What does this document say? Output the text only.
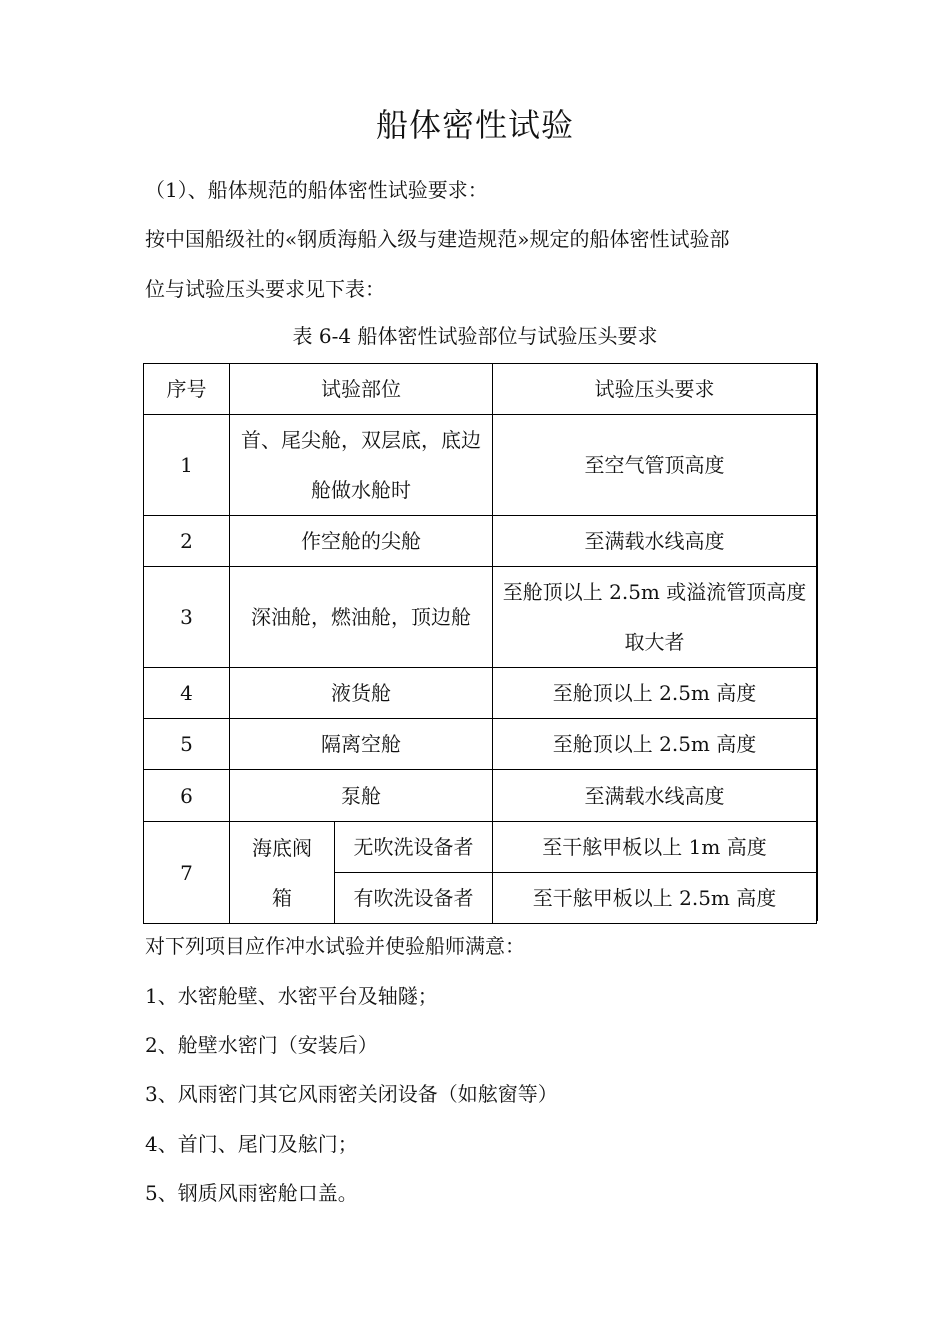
船体密性试验
（1）、船体规范的船体密性试验要求：
按中国船级社的«钢质海船入级与建造规范»规定的船体密性试验部
位与试验压头要求见下表：
表 6-4 船体密性试验部位与试验压头要求
序号	试验部位		试验压头要求
1	首、尾尖舱，双层底，底边舱做水舱时		至空气管顶高度
2	作空舱的尖舱		至满载水线高度
3	深油舱，燃油舱，顶边舱		至舱顶以上 2.5m 或溢流管顶高度取大者
4	液货舱		至舱顶以上 2.5m 高度
5	隔离空舱		至舱顶以上 2.5m 高度
6	泵舱		至满载水线高度
7	海底阀箱	无吹洗设备者	至干舷甲板以上 1m 高度
		有吹洗设备者	至干舷甲板以上 2.5m 高度
对下列项目应作冲水试验并使验船师满意：
1、水密舱壁、水密平台及轴隧；
2、舱壁水密门（安装后）
3、风雨密门其它风雨密关闭设备（如舷窗等）
4、首门、尾门及舷门；
5、钢质风雨密舱口盖。
